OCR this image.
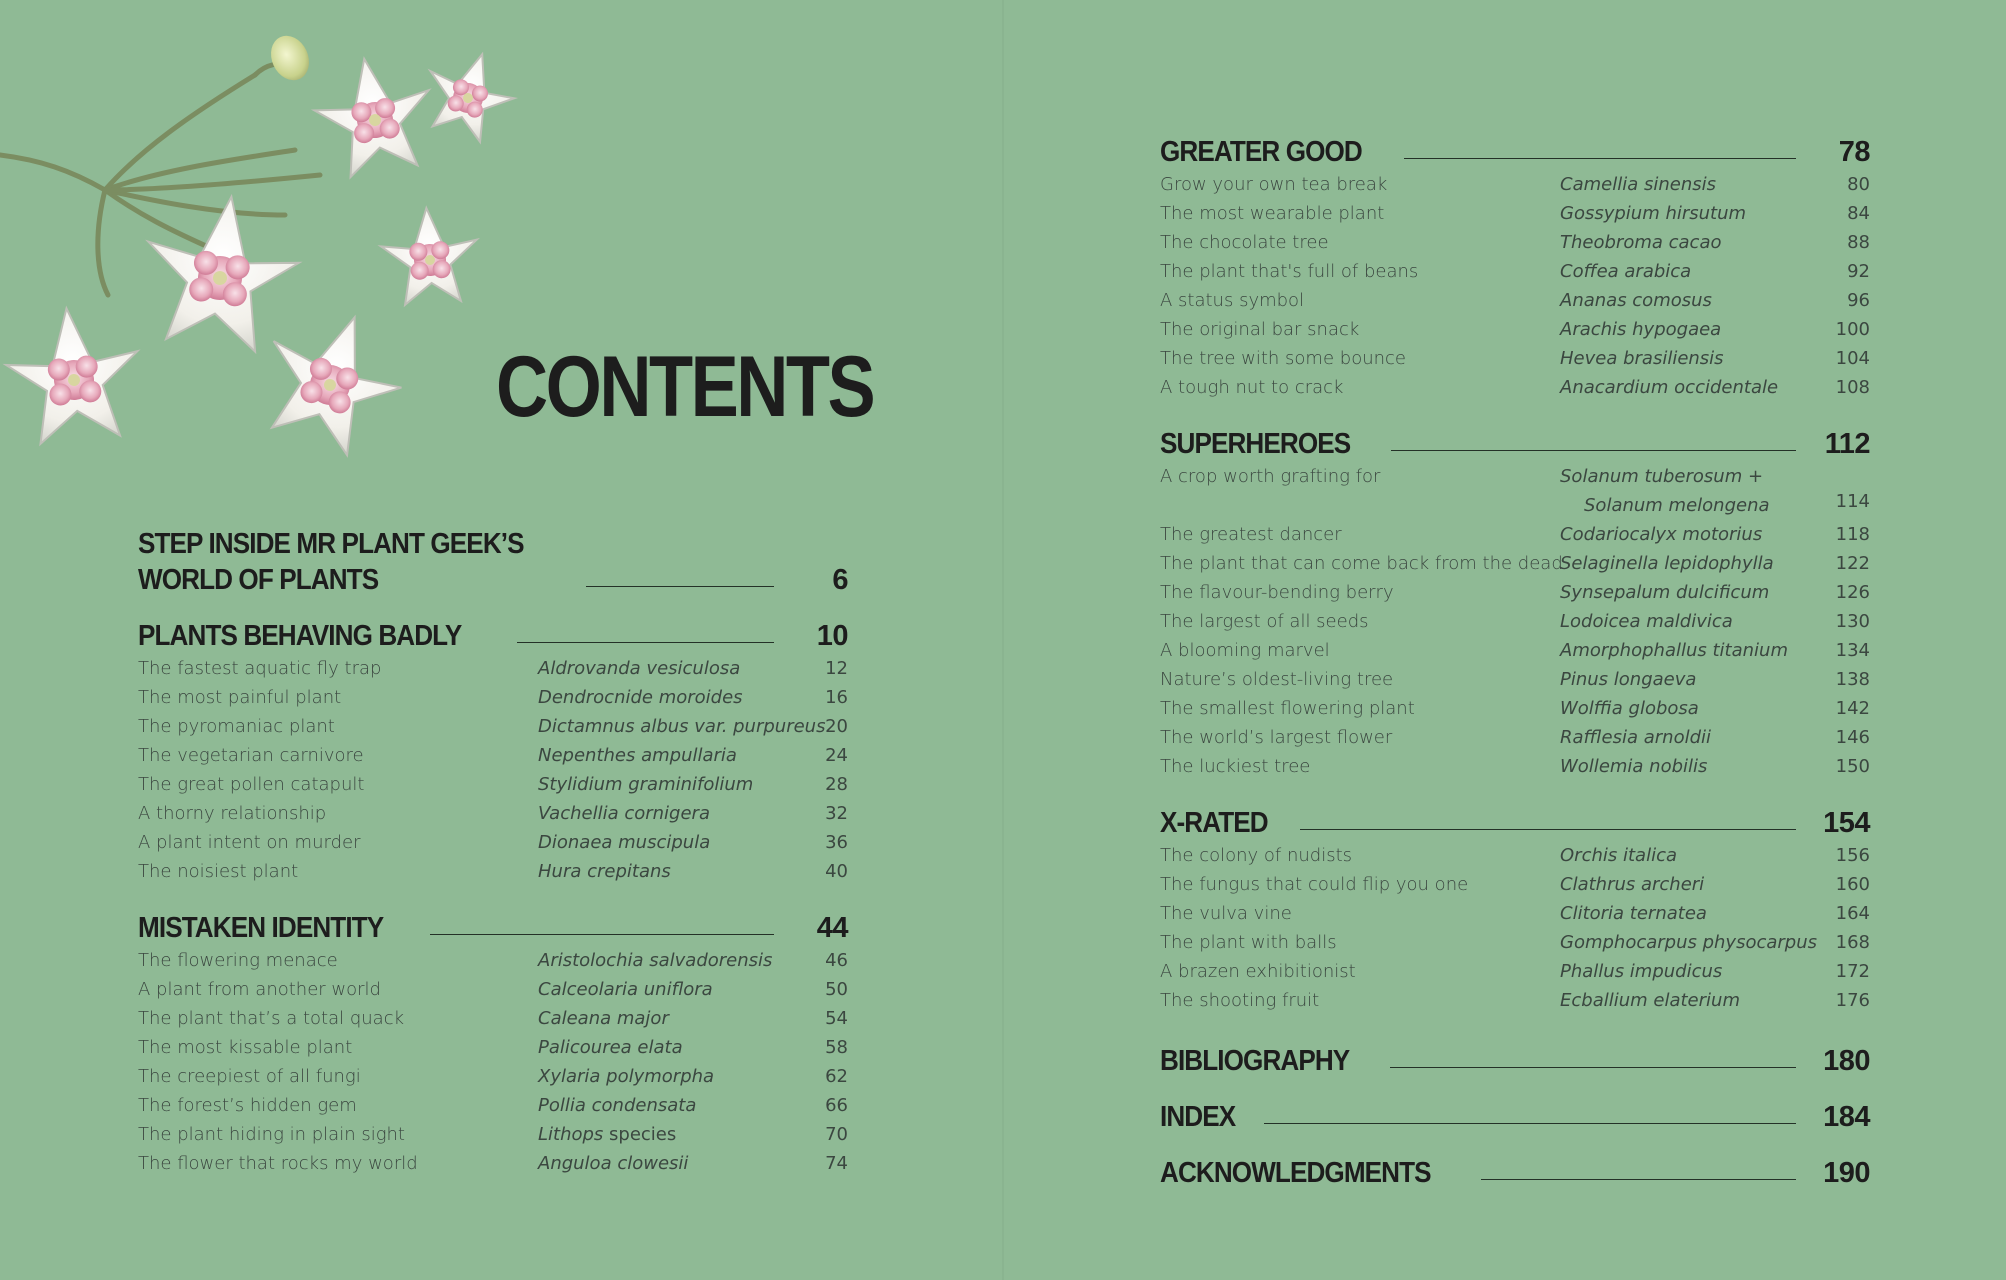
CONTENTS
STEP INSIDE MR PLANT GEEK’S
WORLD OF PLANTS	6
PLANTS BEHAVING BADLY	10
The fastest aquatic fly trap	Aldrovanda vesiculosa	12
The most painful plant	Dendrocnide moroides	16
The pyromaniac plant	Dictamnus albus var. purpureus 20
The vegetarian carnivore	Nepenthes ampullaria	24
The great pollen catapult	Stylidium graminifolium	28
A thorny relationship	Vachellia cornigera	32
A plant intent on murder	Dionaea muscipula	36
The noisiest plant	Hura crepitans	40
MISTAKEN IDENTITY	44
The flowering menace	Aristolochia salvadorensis	46
A plant from another world	Calceolaria uniflora	50
The plant that’s a total quack	Caleana major	54
The most kissable plant	Palicourea elata	58
The creepiest of all fungi	Xylaria polymorpha	62
The forest’s hidden gem	Pollia condensata	66
The plant hiding in plain sight	Lithops species	70
The flower that rocks my world	Anguloa clowesii	74
GREATER GOOD	78
Grow your own tea break	Camellia sinensis	80
The most wearable plant	Gossypium hirsutum	84
The chocolate tree	Theobroma cacao	88
The plant that's full of beans	Coffea arabica	92
A status symbol	Ananas comosus	96
The original bar snack	Arachis hypogaea	100
The tree with some bounce	Hevea brasiliensis	104
A tough nut to crack	Anacardium occidentale	108
SUPERHEROES	112
A crop worth grafting for	Solanum tuberosum +
Solanum melongena	114
The greatest dancer	Codariocalyx motorius	118
The plant that can come back from the dead
Selaginella lepidophylla	122
The flavour-bending berry	Synsepalum dulcificum	126
The largest of all seeds	Lodoicea maldivica	130
A blooming marvel	Amorphophallus titanium	134
Nature’s oldest-living tree	Pinus longaeva	138
The smallest flowering plant	Wolffia globosa	142
The world’s largest flower	Rafflesia arnoldii	146
The luckiest tree	Wollemia nobilis	150
X-RATED	154
The colony of nudists	Orchis italica	156
The fungus that could flip you one	Clathrus archeri	160
The vulva vine	Clitoria ternatea	164
The plant with balls	Gomphocarpus physocarpus	168
A brazen exhibitionist	Phallus impudicus	172
The shooting fruit	Ecballium elaterium	176
BIBLIOGRAPHY	180
INDEX	184
ACKNOWLEDGMENTS	190
